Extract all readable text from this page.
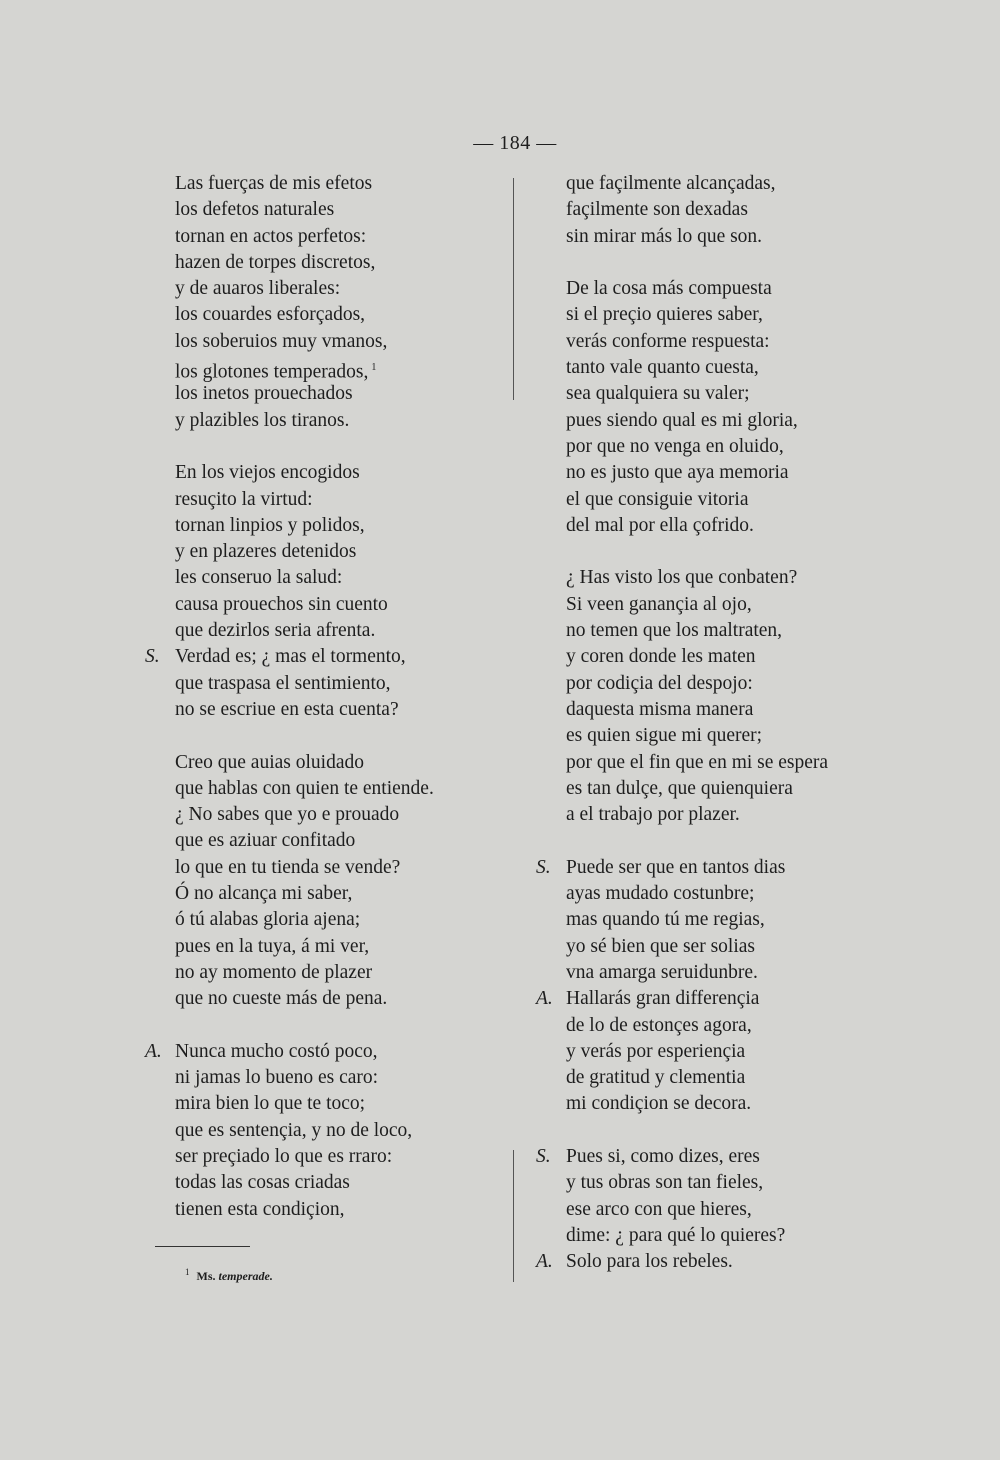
— 184 —
Las fuerças de mis efetos
los defetos naturales
tornan en actos perfetos:
hazen de torpes discretos,
y de auaros liberales:
los couardes esforçados,
los soberuios muy vmanos,
los glotones temperados, $^1$
los inetos prouechados
y plazibles los tiranos.
En los viejos encogidos
resuçito la virtud:
tornan linpios y polidos,
y en plazeres detenidos
les conseruo la salud:
causa prouechos sin cuento
que dezirlos seria afrenta.
S. Verdad es; ¿ mas el tormento,
que traspasa el sentimiento,
no se escriue en esta cuenta?
Creo que auias oluidado
que hablas con quien te entiende.
¿ No sabes que yo e prouado
que es aziuar confitado
lo que en tu tienda se vende?
Ó no alcança mi saber,
ó tú alabas gloria ajena;
pues en la tuya, á mi ver,
no ay momento de plazer
que no cueste más de pena.
A. Nunca mucho costó poco,
ni jamas lo bueno es caro:
mira bien lo que te toco;
que es sentençia, y no de loco,
ser preçiado lo que es rraro:
todas las cosas criadas
tienen esta condiçion,
que façilmente alcançadas,
façilmente son dexadas
sin mirar más lo que son.
De la cosa más compuesta
si el preçio quieres saber,
verás conforme respuesta:
tanto vale quanto cuesta,
sea qualquiera su valer;
pues siendo qual es mi gloria,
por que no venga en oluido,
no es justo que aya memoria
el que consiguie vitoria
del mal por ella çofrido.
¿ Has visto los que conbaten?
Si veen ganançia al ojo,
no temen que los maltraten,
y coren donde les maten
por codiçia del despojo:
daquesta misma manera
es quien sigue mi querer;
por que el fin que en mi se espera
es tan dulçe, que quienquiera
a el trabajo por plazer.
S. Puede ser que en tantos dias
ayas mudado costunbre;
mas quando tú me regias,
yo sé bien que ser solias
vna amarga seruidunbre.
A. Hallarás gran differençia
de lo de estonçes agora,
y verás por esperiençia
de gratitud y clementia
mi condiçion se decora.
S. Pues si, como dizes, eres
y tus obras son tan fieles,
ese arco con que hieres,
dime: ¿ para qué lo quieres?
A. Solo para los rebeles.
$^1$ Ms. temperade.
